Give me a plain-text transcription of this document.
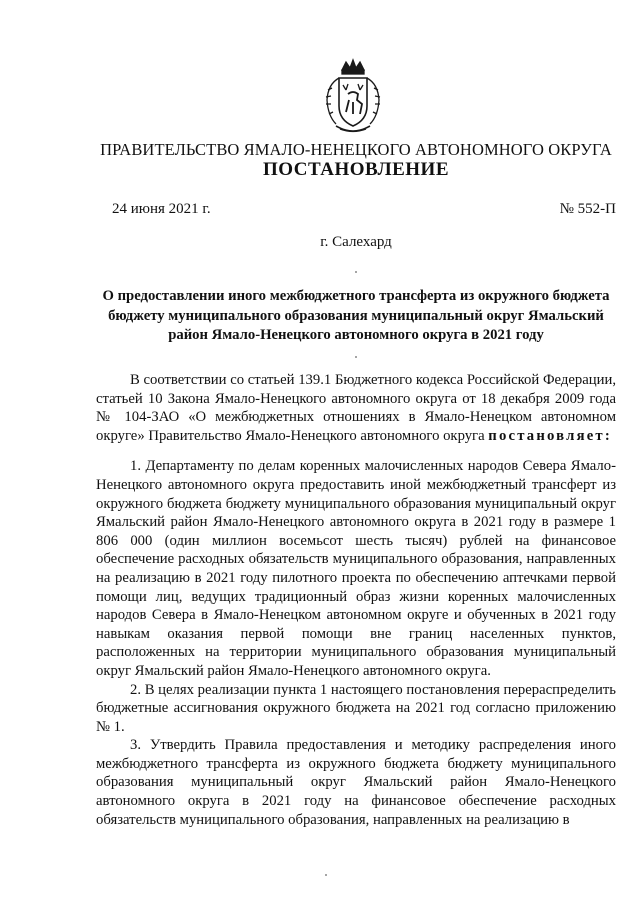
ПРАВИТЕЛЬСТВО ЯМАЛО-НЕНЕЦКОГО АВТОНОМНОГО ОКРУГА
ПОСТАНОВЛЕНИЕ
24 июня 2021 г.	№ 552-П
г. Салехард
О предоставлении иного межбюджетного трансферта из окружного бюджета бюджету муниципального образования муниципальный округ Ямальский район Ямало-Ненецкого автономного округа в 2021 году

В соответствии со статьей 139.1 Бюджетного кодекса Российской Федерации, статьей 10 Закона Ямало-Ненецкого автономного округа от 18 декабря 2009 года № 104-ЗАО «О межбюджетных отношениях в Ямало-Ненецком автономном округе» Правительство Ямало-Ненецкого автономного округа постановляет:

1. Департаменту по делам коренных малочисленных народов Севера Ямало-Ненецкого автономного округа предоставить иной межбюджетный трансферт из окружного бюджета бюджету муниципального образования муниципальный округ Ямальский район Ямало-Ненецкого автономного округа в 2021 году в размере 1 806 000 (один миллион восемьсот шесть тысяч) рублей на финансовое обеспечение расходных обязательств муниципального образования, направленных на реализацию в 2021 году пилотного проекта по обеспечению аптечками первой помощи лиц, ведущих традиционный образ жизни коренных малочисленных народов Севера в Ямало-Ненецком автономном округе и обученных в 2021 году навыкам оказания первой помощи вне границ населенных пунктов, расположенных на территории муниципального образования муниципальный округ Ямальский район Ямало-Ненецкого автономного округа.

2. В целях реализации пункта 1 настоящего постановления перераспределить бюджетные ассигнования окружного бюджета на 2021 год согласно приложению № 1.

3. Утвердить Правила предоставления и методику распределения иного межбюджетного трансферта из окружного бюджета бюджету муниципального образования муниципальный округ Ямальский район Ямало-Ненецкого автономного округа в 2021 году на финансовое обеспечение расходных обязательств муниципального образования, направленных на реализацию в
